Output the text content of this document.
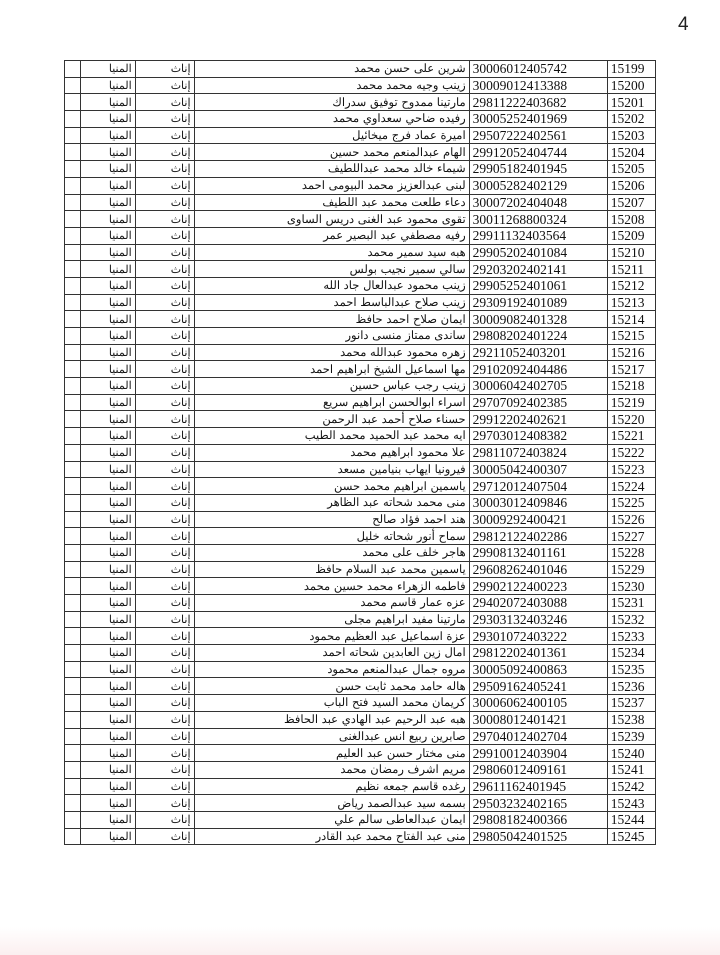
4
	المنيا	إناث	شرين على حسن محمد	30006012405742	15199
	المنيا	إناث	زينب وجيه محمد محمد	30009012413388	15200
	المنيا	إناث	مارتينا ممدوح توفيق سدراك	29811222403682	15201
	المنيا	إناث	رفيده ضاحي سعداوي محمد	30005252401969	15202
	المنيا	إناث	اميرة عماد فرج ميخائيل	29507222402561	15203
	المنيا	إناث	الهام عبدالمنعم محمد حسين	29912052404744	15204
	المنيا	إناث	شيماء خالد محمد عبداللطيف	29905182401945	15205
	المنيا	إناث	لبنى عبدالعزيز محمد البيومى احمد	30005282402129	15206
	المنيا	إناث	دعاء طلعت محمد عبد اللطيف	30007202404048	15207
	المنيا	إناث	تقوى محمود عبد الغنى دريس الساوى	30011268800324	15208
	المنيا	إناث	رفيه مصطفي عبد البصير عمر	29911132403564	15209
	المنيا	إناث	هبه سيد سمير محمد	29905202401084	15210
	المنيا	إناث	سالي سمير نجيب بولس	29203202402141	15211
	المنيا	إناث	زينب محمود عبدالعال جاد الله	29905252401061	15212
	المنيا	إناث	زينب صلاح عبدالباسط احمد	29309192401089	15213
	المنيا	إناث	ايمان صلاح احمد حافظ	30009082401328	15214
	المنيا	إناث	ساندى ممتاز منسى دانور	29808202401224	15215
	المنيا	إناث	زهره محمود عبدالله محمد	29211052403201	15216
	المنيا	إناث	مها اسماعيل الشيخ ابراهيم احمد	29102092404486	15217
	المنيا	إناث	زينب رجب عباس حسين	30006042402705	15218
	المنيا	إناث	اسراء ابوالحسن ابراهيم سريع	29707092402385	15219
	المنيا	إناث	حسناء صلاح أحمد عبد الرحمن	29912202402621	15220
	المنيا	إناث	ايه محمد عبد الحميد محمد الطيب	29703012408382	15221
	المنيا	إناث	علا محمود ابراهيم محمد	29811072403824	15222
	المنيا	إناث	فيرونيا ايهاب بنيامين مسعد	30005042400307	15223
	المنيا	إناث	ياسمين ابراهيم محمد حسن	29712012407504	15224
	المنيا	إناث	منى محمد شحاته عبد الظاهر	30003012409846	15225
	المنيا	إناث	هند احمد فؤاد صالح	30009292400421	15226
	المنيا	إناث	سماح أنور شحاته خليل	29812122402286	15227
	المنيا	إناث	هاجر خلف على محمد	29908132401161	15228
	المنيا	إناث	ياسمين محمد عبد السلام حافظ	29608262401046	15229
	المنيا	إناث	فاطمه الزهراء محمد حسين محمد	29902122400223	15230
	المنيا	إناث	عزه عمار قاسم محمد	29402072403088	15231
	المنيا	إناث	مارتينا مفيد ابراهيم مجلى	29303132403246	15232
	المنيا	إناث	عزة اسماعيل عبد العظيم محمود	29301072403222	15233
	المنيا	إناث	امال زين العابدين شحاته احمد	29812202401361	15234
	المنيا	إناث	مروه جمال عبدالمنعم محمود	30005092400863	15235
	المنيا	إناث	هاله حامد محمد ثابت حسن	29509162405241	15236
	المنيا	إناث	كريمان محمد السيد فتح الباب	30006062400105	15237
	المنيا	إناث	هبه عبد الرحيم عبد الهادي عبد الحافظ	30008012401421	15238
	المنيا	إناث	صابرين ربيع انس عبدالغنى	29704012402704	15239
	المنيا	إناث	منى مختار حسن عبد العليم	29910012403904	15240
	المنيا	إناث	مريم اشرف رمضان محمد	29806012409161	15241
	المنيا	إناث	رغده قاسم جمعه نظيم	29611162401945	15242
	المنيا	إناث	بسمه سيد عبدالصمد رياض	29503232402165	15243
	المنيا	إناث	ايمان عبدالعاطى سالم علي	29808182400366	15244
	المنيا	إناث	منى عبد الفتاح محمد عبد القادر	29805042401525	15245
